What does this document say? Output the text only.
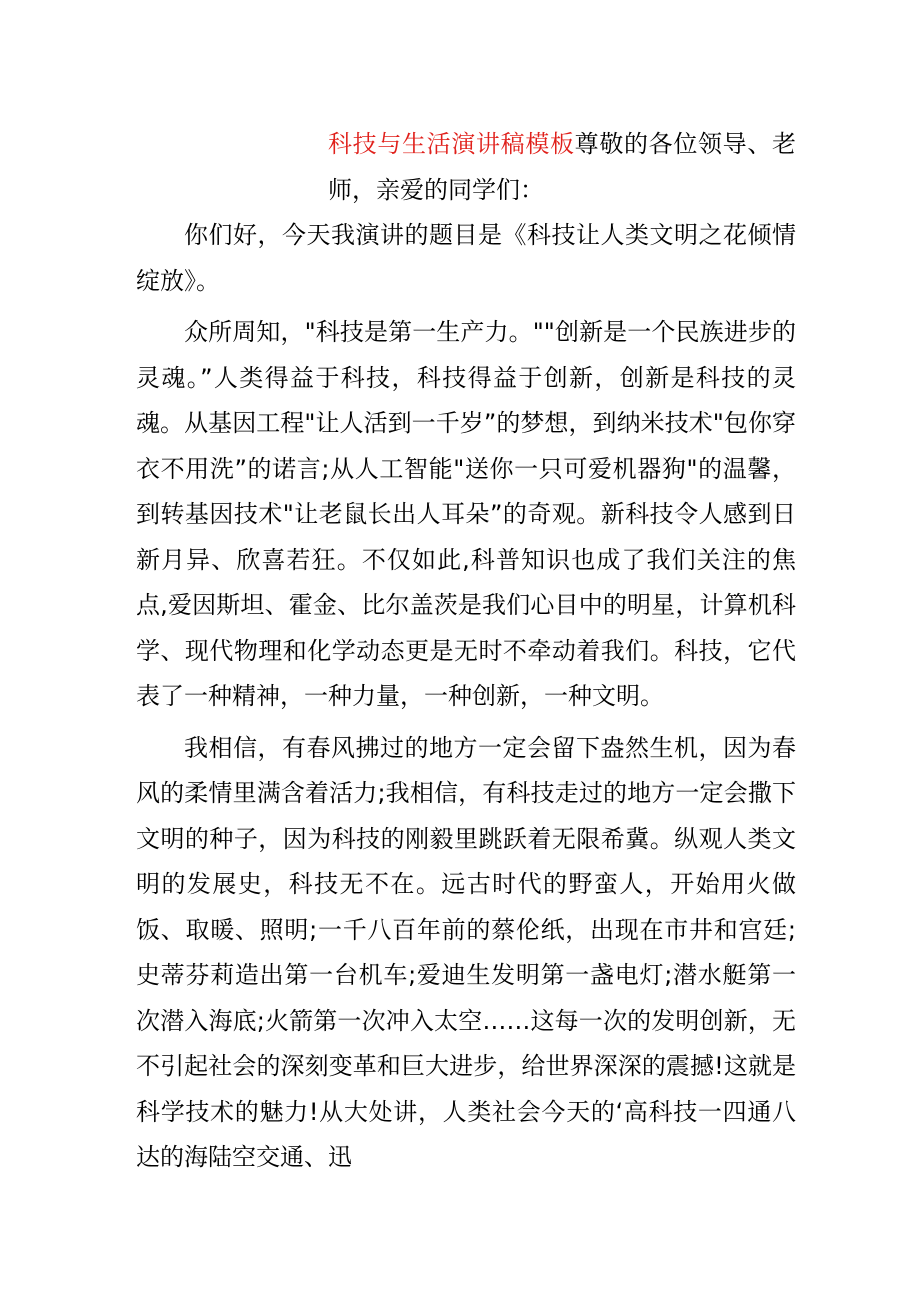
科技与生活演讲稿模板尊敬的各位领导、老师，亲爱的同学们：

你们好，今天我演讲的题目是《科技让人类文明之花倾情绽放》。

众所周知，"科技是第一生产力。""创新是一个民族进步的灵魂。”人类得益于科技，科技得益于创新，创新是科技的灵魂。从基因工程"让人活到一千岁”的梦想，到纳米技术"包你穿衣不用洗”的诺言;从人工智能"送你一只可爱机器狗"的温馨，到转基因技术"让老鼠长出人耳朵”的奇观。新科技令人感到日新月异、欣喜若狂。不仅如此,科普知识也成了我们关注的焦点,爱因斯坦、霍金、比尔盖茨是我们心目中的明星，计算机科学、现代物理和化学动态更是无时不牵动着我们。科技，它代表了一种精神，一种力量，一种创新，一种文明。

我相信，有春风拂过的地方一定会留下盎然生机，因为春风的柔情里满含着活力;我相信，有科技走过的地方一定会撒下文明的种子，因为科技的刚毅里跳跃着无限希冀。纵观人类文明的发展史，科技无不在。远古时代的野蛮人，开始用火做饭、取暖、照明;一千八百年前的蔡伦纸，出现在市井和宫廷;史蒂芬莉造出第一台机车;爱迪生发明第一盏电灯;潜水艇第一次潜入海底;火箭第一次冲入太空……这每一次的发明创新，无不引起社会的深刻变革和巨大进步，给世界深深的震撼!这就是科学技术的魅力!从大处讲，人类社会今天的‘高科技一四通八达的海陆空交通、迅
